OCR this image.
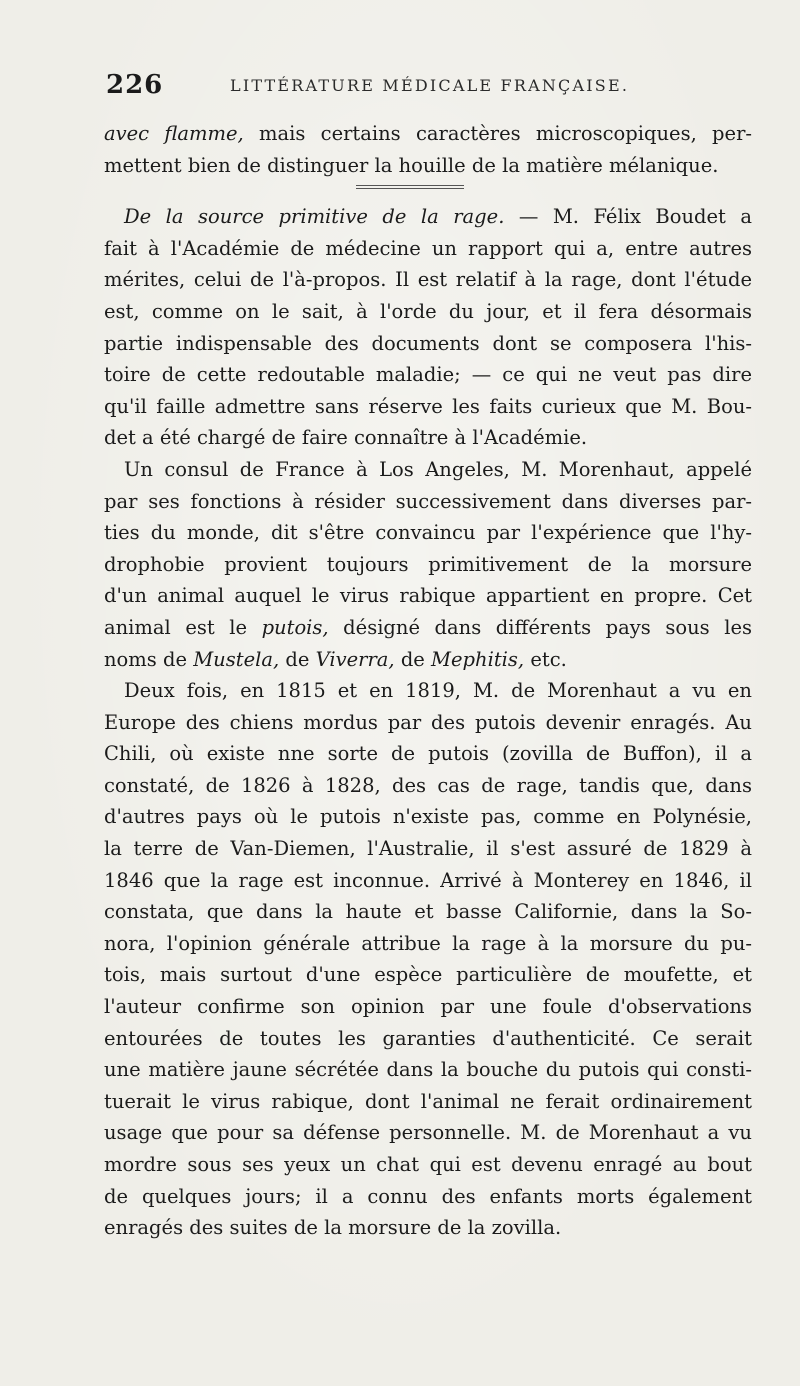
226	LITTÉRATURE MÉDICALE FRANÇAISE.
avec flamme, mais certains caractères microscopiques, per-
mettent bien de distinguer la houille de la matière mélanique.
De la source primitive de la rage. — M. Félix Boudet a
fait à l'Académie de médecine un rapport qui a, entre autres
mérites, celui de l'à-propos. Il est relatif à la rage, dont l'étude
est, comme on le sait, à l'orde du jour, et il fera désormais
partie indispensable des documents dont se composera l'his-
toire de cette redoutable maladie; — ce qui ne veut pas dire
qu'il faille admettre sans réserve les faits curieux que M. Bou-
det a été chargé de faire connaître à l'Académie.
Un consul de France à Los Angeles, M. Morenhaut, appelé
par ses fonctions à résider successivement dans diverses par-
ties du monde, dit s'être convaincu par l'expérience que l'hy-
drophobie provient toujours primitivement de la morsure
d'un animal auquel le virus rabique appartient en propre. Cet
animal est le putois, désigné dans différents pays sous les
noms de Mustela, de Viverra, de Mephitis, etc.
Deux fois, en 1815 et en 1819, M. de Morenhaut a vu en
Europe des chiens mordus par des putois devenir enragés. Au
Chili, où existe nne sorte de putois (zovilla de Buffon), il a
constaté, de 1826 à 1828, des cas de rage, tandis que, dans
d'autres pays où le putois n'existe pas, comme en Polynésie,
la terre de Van-Diemen, l'Australie, il s'est assuré de 1829 à
1846 que la rage est inconnue. Arrivé à Monterey en 1846, il
constata, que dans la haute et basse Californie, dans la So-
nora, l'opinion générale attribue la rage à la morsure du pu-
tois, mais surtout d'une espèce particulière de moufette, et
l'auteur confirme son opinion par une foule d'observations
entourées de toutes les garanties d'authenticité. Ce serait
une matière jaune sécrétée dans la bouche du putois qui consti-
tuerait le virus rabique, dont l'animal ne ferait ordinairement
usage que pour sa défense personnelle. M. de Morenhaut a vu
mordre sous ses yeux un chat qui est devenu enragé au bout
de quelques jours; il a connu des enfants morts également
enragés des suites de la morsure de la zovilla.
